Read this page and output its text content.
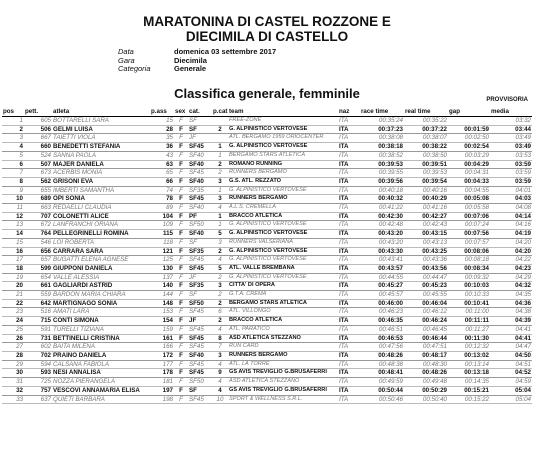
MARATONINA DI CASTEL ROZZONE E
DIECIMILA DI CASTELLO
Data	domenica 03 settembre 2017
Gara	Diecimila
Categoria	Generale
Classifica generale, femminile	PROVVISORIA
pos	pett.	atleta	p.ass	sex	cat.	p.cat	team	naz	race time	real time	gap	media
1	605	BOTTARELLI SARA	15	F	SF		FREE-ZONE	ITA	00:35:24	00:35:22		03:32
2	506	GELMI LUISA	28	F	SF	2	G. ALPINISTICO VERTOVESE	ITA	00:37:23	00:37:22	00:01:59	03:44
3	667	TAIETTI VIOLA	35	F	JF		ATL. BERGAMO 1959 ORIOCENTER	ITA	00:38:08	00:38:07	00:02:50	03:49
4	660	BENEDETTI STEFANIA	36	F	SF45	1	G. ALPINISTICO VERTOVESE	ITA	00:38:18	00:38:22	00:02:54	03:49
5	524	SANNA PAOLA	43	F	SF40	1	BERGAMO STARS ATLETICA	ITA	00:38:52	00:38:50	00:03:29	03:53
6	507	MAJER DANIELA	63	F	SF40	2	ROMANO RUNNING	ITA	00:39:53	00:39:51	00:04:29	03:59
7	673	ACERBIS MONIA	65	F	SF45	2	RUNNERS BERGAMO	ITA	00:39:55	00:39:53	00:04:31	03:59
8	562	GRISONI EVA	66	F	SF40	3	G.S. ATL. REZZATO	ITA	00:39:56	00:39:54	00:04:33	03:59
9	655	IMBERTI SAMANTHA	74	F	SF35	1	G. ALPINISTICO VERTOVESE	ITA	00:40:18	00:40:16	00:04:55	04:01
10	689	OPI SONIA	78	F	SF45	3	RUNNERS BERGAMO	ITA	00:40:32	00:40:29	00:05:08	04:03
11	663	REDAELLI CLAUDIA	89	F	SF40	4	A.L.S. CREMELLA	ITA	00:41:22	00:41:16	00:05:58	04:08
12	707	COLONETTI ALICE	104	F	PF	1	BRACCO ATLETICA	ITA	00:42:30	00:42:27	00:07:06	04:14
13	672	LANFRANCHI ORIANA	109	F	SF50	1	G. ALPINISTICO VERTOVESE	ITA	00:42:48	00:42:43	00:07:24	04:16
14	764	PELLEGRINELLI ROMINA	115	F	SF40	5	G. ALPINISTICO VERTOVESE	ITA	00:43:20	00:43:15	00:07:56	04:19
15	546	LOI ROBERTA	118	F	SF	3	RUNNERS VALSERIANA	ITA	00:43:20	00:43:13	00:07:57	04:20
16	656	CARRARA SARA	121	F	SF35	2	G. ALPINISTICO VERTOVESE	ITA	00:43:30	00:43:25	00:08:06	04:20
17	657	BUGATTI ELENA AGNESE	125	F	SF45	4	G. ALPINISTICO VERTOVESE	ITA	00:43:41	00:43:36	00:08:18	04:22
18	599	GIUPPONI DANIELA	130	F	SF45	5	ATL. VALLE BREMBANA	ITA	00:43:57	00:43:56	00:08:34	04:23
19	654	VALLE ALESSIA	137	F	JF	2	G. ALPINISTICO VERTOVESE	ITA	00:44:55	00:44:47	00:09:32	04:29
20	661	GAGLIARDI ASTRID	140	F	SF35	3	CITTA' DI OPERA	ITA	00:45:27	00:45:23	00:10:03	04:32
21	559	BARDON MARIA CHIARA	144	F	SF	2	G.T.A. CREMA	ITA	00:45:57	00:45:55	00:10:33	04:35
22	642	MARTIGNAGO SONIA	148	F	SF50	2	BERGAMO STARS ATLETICA	ITA	00:46:00	00:46:04	00:10:41	04:36
23	516	AMATI LARA	153	F	SF45	6	ATL. VILLONGO	ITA	00:46:23	00:46:12	00:11:00	04:38
24	715	CONTI SIMONA	154	F	JF	2	BRACCO ATLETICA	ITA	00:46:35	00:46:24	00:11:11	04:39
25	591	TURELLI TIZIANA	159	F	SF45	4	ATL. PARATICO	ITA	00:46:51	00:46:45	00:11:27	04:41
26	731	BETTINELLI CRISTINA	161	F	SF45	8	ASD ATLETICA STEZZANO	ITA	00:46:53	00:46:44	00:11:30	04:41
27	602	BAITA MILENA	166	F	SF45	7	RUN CARD	ITA	00:47:56	00:47:51	00:12:32	04:47
28	702	PRAINO DANIELA	172	F	SF40	3	RUNNERS BERGAMO	ITA	00:48:26	00:48:17	00:13:02	04:50
29	594	CALSANA FABIOLA	177	F	SF45	4	ATL. LA TORRE	ITA	00:48:38	00:48:30	00:13:14	04:51
30	593	NESI ANNALISA	178	F	SF45	9	GS AVIS TREVIGLIO G.BRUSAFERRI	ITA	00:48:41	00:48:26	00:13:18	04:52
31	725	NOZZA PIERANGELA	181	F	SF50	4	ASD ATLETICA STEZZANO	ITA	00:49:59	00:49:48	00:14:35	04:59
32	757	VESCOVI ANNAMARIA ELISA	197	F	SF	4	GS AVIS TREVIGLIO G.BRUSAFERRI	ITA	00:50:44	00:50:29	00:15:21	05:04
33	637	QUIETI BARBARA	198	F	SF45	10	SPORT & WELLNESS S.R.L.	ITA	00:50:46	00:50:40	00:15:22	05:04
